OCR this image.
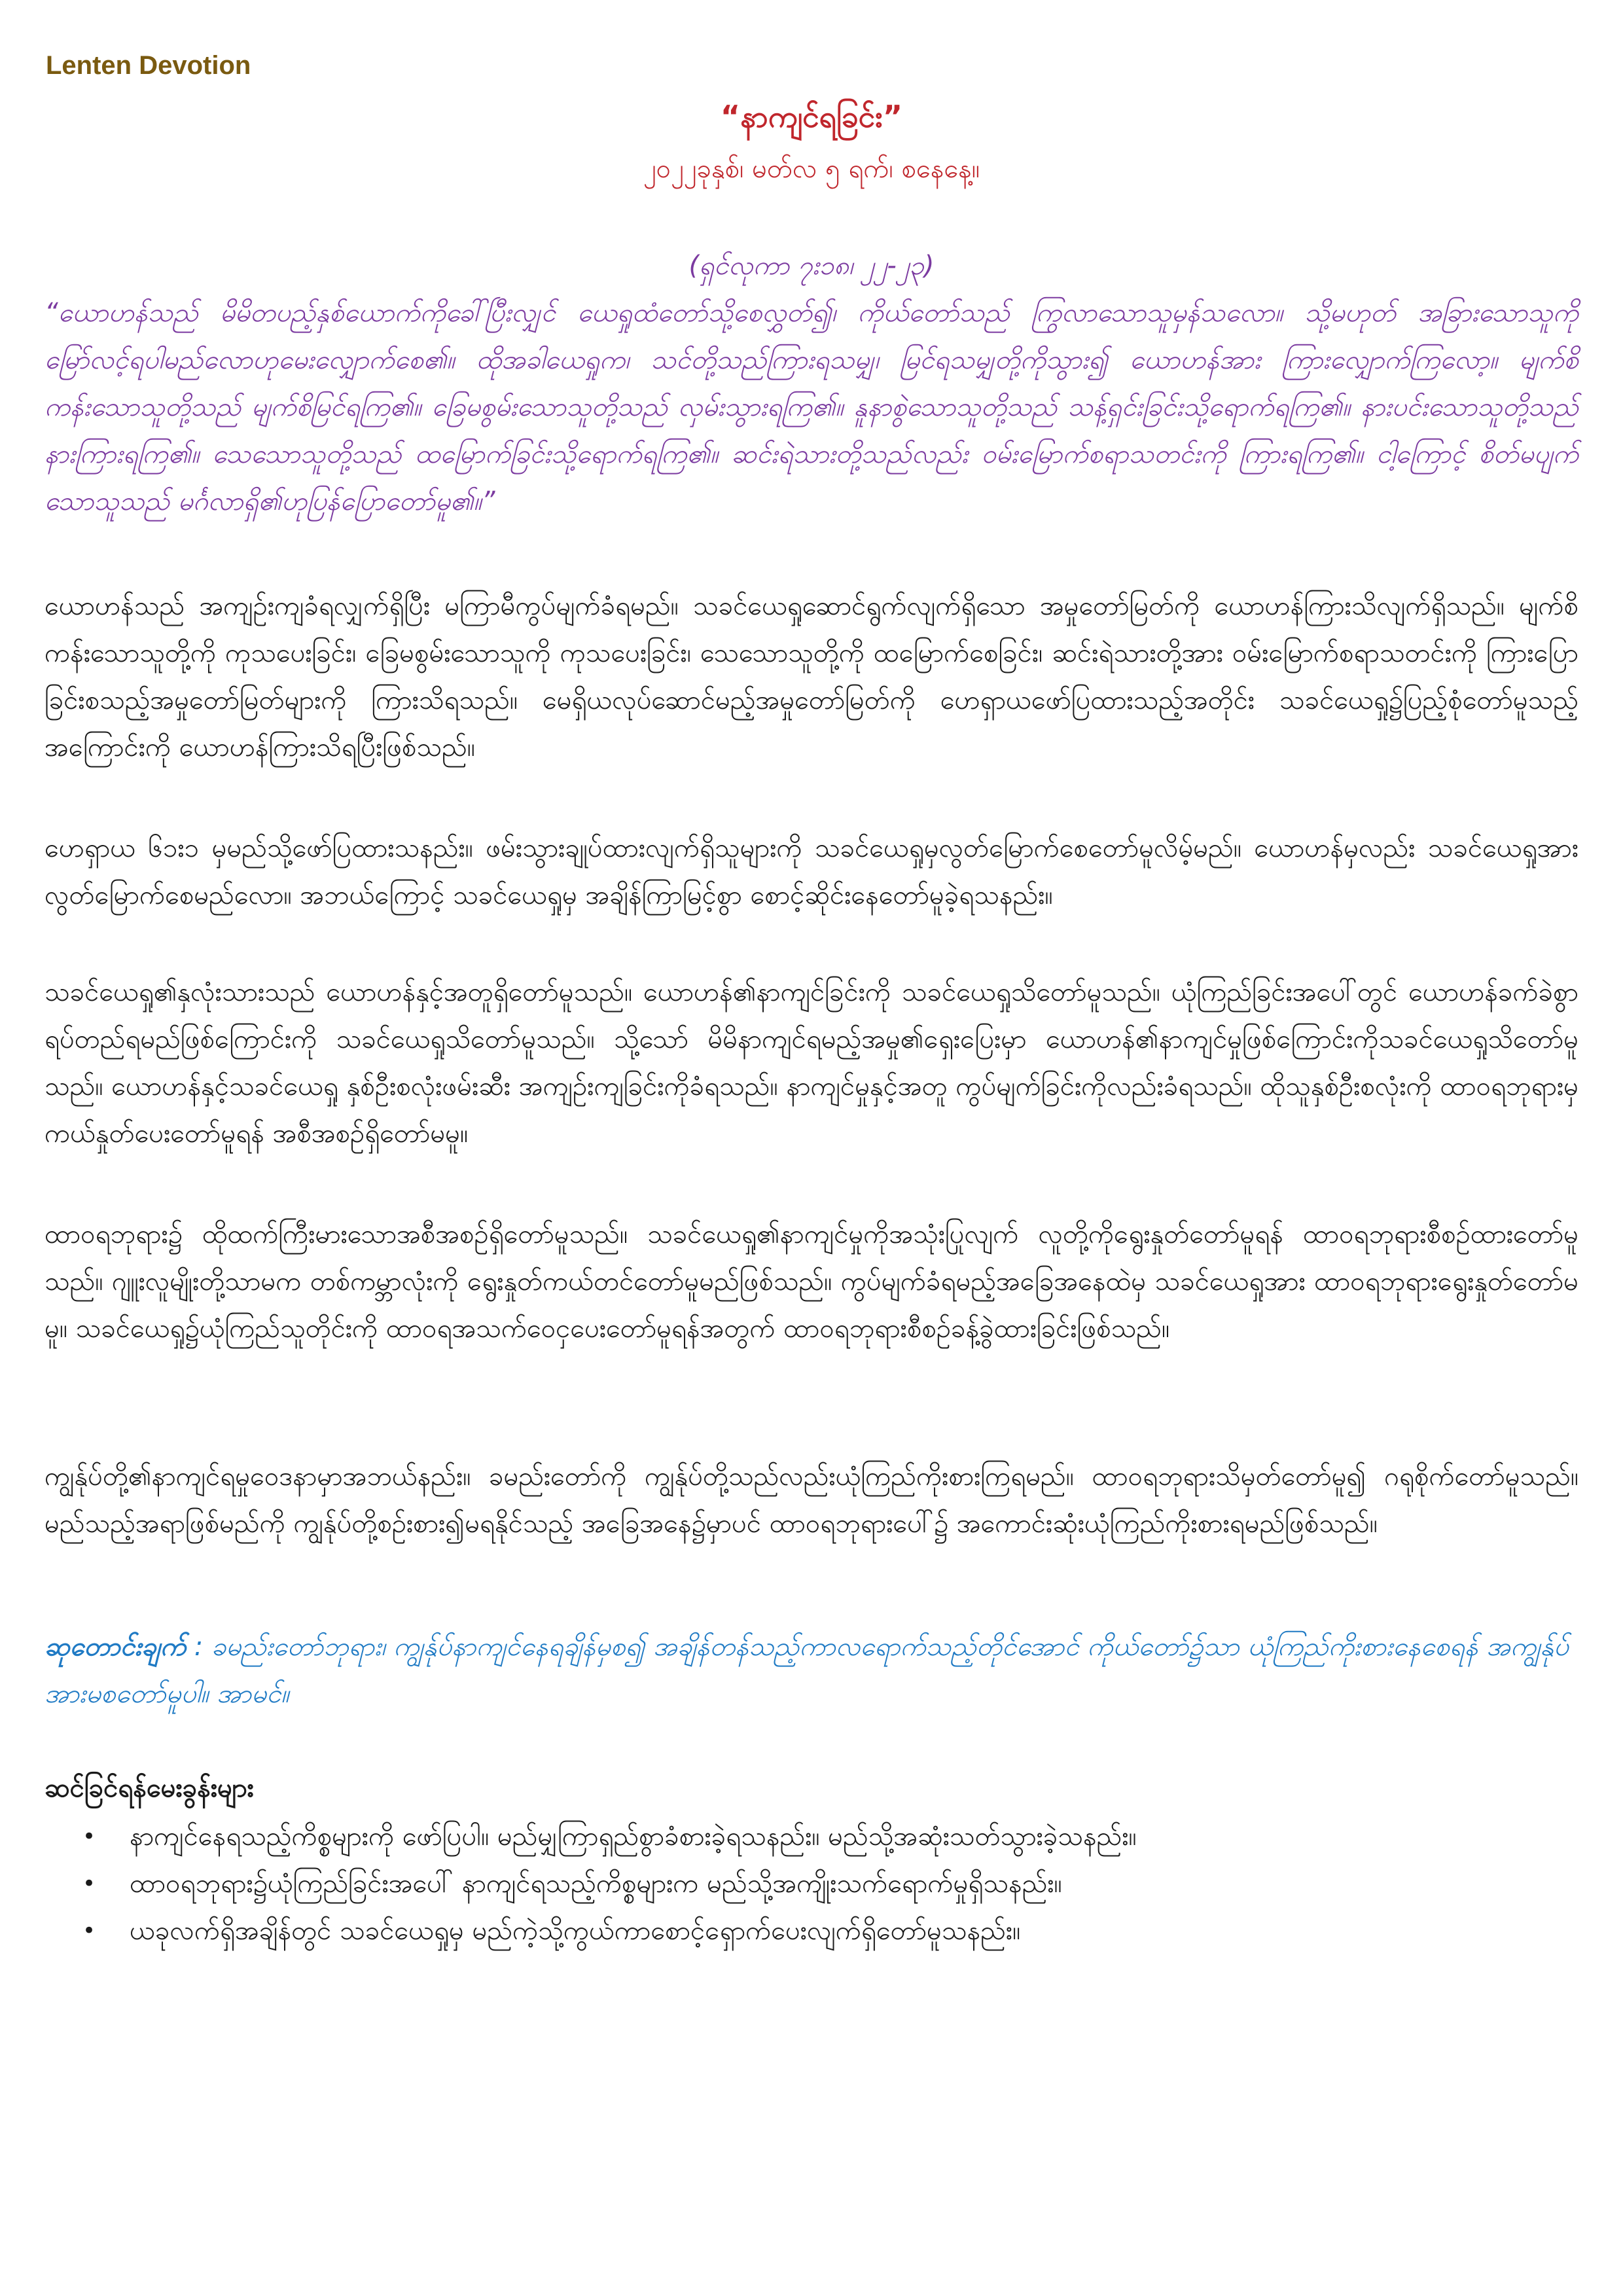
Lenten Devotion
“နာကျင်ရခြင်း”
၂၀၂၂ခုနှစ်၊ မတ်လ ၅ ရက်၊ စနေနေ့။
(ရှင်လုကာ ၇း၁၈၊ ၂၂-၂၃)
“ယောဟန်သည် မိမိတပည့်နှစ်ယောက်ကိုခေါ်ပြီးလျှင် ယေရှုထံတော်သို့စေလွှတ်၍၊ ကိုယ်တော်သည် ကြွလာသောသူမှန်သလော။ သို့မဟုတ် အခြားသောသူကို မြော်လင့်ရပါမည်လောဟုမေးလျှောက်စေ၏။ ထိုအခါယေရှုက၊ သင်တို့သည်ကြားရသမျှ၊ မြင်ရသမျှတို့ကိုသွား၍ ယောဟန်အား ကြားလျှောက်ကြလော့။ မျက်စိကန်းသောသူတို့သည် မျက်စိမြင်ရကြ၏။ ခြေမစွမ်းသောသူတို့သည် လှမ်းသွားရကြ၏။ နူနာစွဲသောသူတို့သည် သန့်ရှင်းခြင်းသို့ရောက်ရကြ၏။ နားပင်းသောသူတို့သည် နားကြားရကြ၏။ သေသောသူတို့သည် ထမြောက်ခြင်းသို့ရောက်ရကြ၏။ ဆင်းရဲသားတို့သည်လည်း ဝမ်းမြောက်စရာသတင်းကို ကြားရကြ၏။ ငါ့ကြောင့် စိတ်မပျက်သောသူသည် မင်္ဂလာရှိ၏ဟုပြန်ပြောတော်မူ၏။”
ယောဟန်သည် အကျဉ်းကျခံရလျှက်ရှိပြီး မကြာမီကွပ်မျက်ခံရမည်။ သခင်ယေရှုဆောင်ရွက်လျက်ရှိသော အမှုတော်မြတ်ကို ယောဟန်ကြားသိလျက်ရှိသည်။ မျက်စိကန်းသောသူတို့ကို ကုသပေးခြင်း၊ ခြေမစွမ်းသောသူကို ကုသပေးခြင်း၊ သေသောသူတို့ကို ထမြောက်စေခြင်း၊ ဆင်းရဲသားတို့အား ဝမ်းမြောက်စရာသတင်းကို ကြားပြောခြင်းစသည့်အမှုတော်မြတ်များကို ကြားသိရသည်။ မေရှိယလုပ်ဆောင်မည့်အမှုတော်မြတ်ကို ဟေရှာယဖော်ပြထားသည့်အတိုင်း သခင်ယေရှု၌ပြည့်စုံတော်မူသည့်အကြောင်းကို ယောဟန်ကြားသိရပြီးဖြစ်သည်။
ဟေရှာယ ၆၁း၁ မှမည်သို့ဖော်ပြထားသနည်း။ ဖမ်းသွားချုပ်ထားလျက်ရှိသူများကို သခင်ယေရှုမှလွတ်မြောက်စေတော်မူလိမ့်မည်။ ယောဟန်မှလည်း သခင်ယေရှုအားလွတ်မြောက်စေမည်လော။ အဘယ်ကြောင့် သခင်ယေရှုမှ အချိန်ကြာမြင့်စွာ စောင့်ဆိုင်းနေတော်မူခဲ့ရသနည်း။
သခင်ယေရှု၏နှလုံးသားသည် ယောဟန်နှင့်အတူရှိတော်မူသည်။ ယောဟန်၏နာကျင်ခြင်းကို သခင်ယေရှုသိတော်မူသည်။ ယုံကြည်ခြင်းအပေါ်တွင် ယောဟန်ခက်ခဲစွာရပ်တည်ရမည်ဖြစ်ကြောင်းကို သခင်ယေရှုသိတော်မူသည်။ သို့သော် မိမိနာကျင်ရမည့်အမှု၏ရှေးပြေးမှာ ယောဟန်၏နာကျင်မှုဖြစ်ကြောင်းကိုသခင်ယေရှုသိတော်မူသည်။ ယောဟန်နှင့်သခင်ယေရှု နှစ်ဦးစလုံးဖမ်းဆီး အကျဉ်းကျခြင်းကိုခံရသည်။ နာကျင်မှုနှင့်အတူ ကွပ်မျက်ခြင်းကိုလည်းခံရသည်။ ထိုသူနှစ်ဦးစလုံးကို ထာဝရဘုရားမှ ကယ်နှုတ်ပေးတော်မူရန် အစီအစဉ်ရှိတော်မမူ။
ထာဝရဘုရား၌ ထိုထက်ကြီးမားသောအစီအစဉ်ရှိတော်မူသည်။ သခင်ယေရှု၏နာကျင်မှုကိုအသုံးပြုလျက် လူတို့ကိုရွေးနှုတ်တော်မူရန် ထာဝရဘုရားစီစဉ်ထားတော်မူသည်။ ဂျူးလူမျိုးတို့သာမက တစ်ကမ္ဘာလုံးကို ရွေးနှုတ်ကယ်တင်တော်မူမည်ဖြစ်သည်။ ကွပ်မျက်ခံရမည့်အခြေအနေထဲမှ သခင်ယေရှုအား ထာဝရဘုရားရွေးနှုတ်တော်မမူ။ သခင်ယေရှု၌ယုံကြည်သူတိုင်းကို ထာဝရအသက်ဝေငှပေးတော်မူရန်အတွက် ထာဝရဘုရားစီစဉ်ခန့်ခွဲထားခြင်းဖြစ်သည်။
ကျွန်ုပ်တို့၏နာကျင်ရမှုဝေဒနာမှာအဘယ်နည်း။ ခမည်းတော်ကို ကျွန်ုပ်တို့သည်လည်းယုံကြည်ကိုးစားကြရမည်။ ထာဝရဘုရားသိမှတ်တော်မူ၍ ဂရုစိုက်တော်မူသည်။ မည်သည့်အရာဖြစ်မည်ကို ကျွန်ုပ်တို့စဉ်းစား၍မရနိုင်သည့် အခြေအနေ၌မှာပင် ထာဝရဘုရားပေါ်၌ အကောင်းဆုံးယုံကြည်ကိုးစားရမည်ဖြစ်သည်။
ဆုတောင်းချက် : ခမည်းတော်ဘုရား၊ ကျွန်ုပ်နာကျင်နေရချိန်မှစ၍ အချိန်တန်သည့်ကာလရောက်သည့်တိုင်အောင် ကိုယ်တော်၌သာ ယုံကြည်ကိုးစားနေစေရန် အကျွန်ုပ်အားမစတော်မူပါ။ အာမင်။
ဆင်ခြင်ရန်မေးခွန်းများ
• နာကျင်နေရသည့်ကိစ္စများကို ဖော်ပြပါ။ မည်မျှကြာရှည်စွာခံစားခဲ့ရသနည်း။ မည်သို့အဆုံးသတ်သွားခဲ့သနည်း။
• ထာဝရဘုရား၌ယုံကြည်ခြင်းအပေါ် နာကျင်ရသည့်ကိစ္စများက မည်သို့အကျိုးသက်ရောက်မှုရှိသနည်း။
• ယခုလက်ရှိအချိန်တွင် သခင်ယေရှုမှ မည်ကဲ့သို့ကွယ်ကာစောင့်ရှောက်ပေးလျက်ရှိတော်မူသနည်း။
